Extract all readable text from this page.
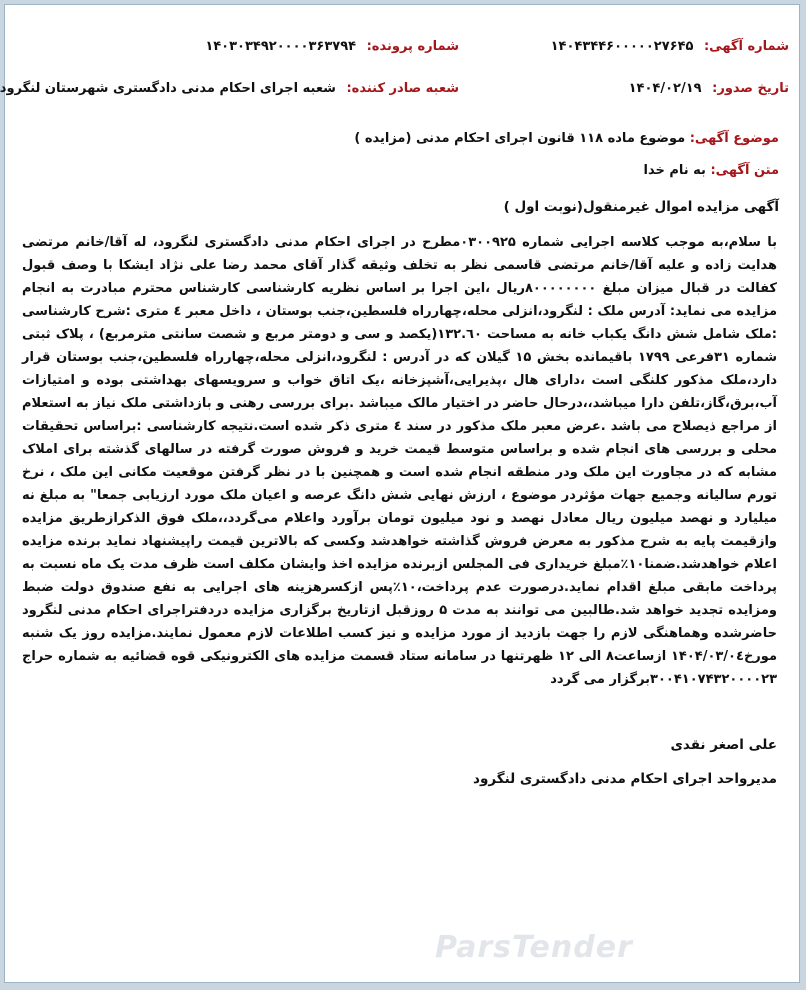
شماره آگهی: ۱۴۰۴۳۴۴۶۰۰۰۰۰۲۷۶۴۵
شماره پرونده: ۱۴۰۳۰۳۴۹۲۰۰۰۰۳۶۳۷۹۴
تاریخ صدور: ۱۴۰۴/۰۲/۱۹
شعبه صادر کننده: شعبه اجرای احکام مدنی دادگستری شهرستان لنگرود
موضوع آگهی: موضوع ماده ۱۱۸ قانون اجرای احکام مدنی (مزایده )
متن آگهی: به نام خدا
آگهی مزایده اموال غیرمنقول(نوبت اول )
با سلام،به موجب کلاسه اجرایی شماره ۰۳۰۰۹۲۵مطرح در اجرای احکام مدنی دادگستری لنگرود، له آقا/خانم مرتضی هدایت زاده و علیه آقا/خانم مرتضی قاسمی نظر به تخلف وثیقه گذار آقای محمد رضا علی نژاد ایشکا با وصف قبول کفالت در قبال میزان مبلغ ۸۰۰۰۰۰۰۰۰ریال ،این اجرا بر اساس نظریه کارشناسی کارشناس محترم مبادرت به انجام مزایده می نماید: آدرس ملک : لنگرود،انزلی محله،چهارراه فلسطین،جنب بوستان ، داخل معبر ٤ متری :شرح کارشناسی :ملک شامل شش دانگ یکباب خانه به مساحت ۱۳۲.٦۰(یکصد و سی و دومتر مربع و شصت سانتی مترمربع) ، پلاک ثبتی شماره ۳۱فرعی ۱۷۹۹ باقیمانده بخش ۱۵ گیلان که در آدرس : لنگرود،انزلی محله،چهارراه فلسطین،جنب بوستان قرار دارد،ملک مذکور کلنگی است ،دارای هال ،پذیرایی،آشپزخانه ،یک اتاق خواب و سرویسهای بهداشتی بوده و امتیازات آب،برق،گاز،تلفن دارا میباشد،،درحال حاضر در اختیار مالک میباشد .برای بررسی رهنی و بازداشتی ملک نیاز به استعلام از مراجع ذیصلاح می باشد .عرض معبر ملک مذکور در سند ٤ متری ذکر شده است.نتیجه کارشناسی :براساس تحقیقات محلی و بررسی های انجام شده و براساس متوسط قیمت خرید و فروش صورت گرفته در سالهای گذشته برای املاک مشابه که در مجاورت این ملک ودر منطقه انجام شده است و همچنین با در نظر گرفتن موقعیت مکانی این ملک ، نرخ تورم سالیانه وجمیع جهات مؤثردر موضوع ، ارزش نهایی شش دانگ عرصه و اعیان ملک مورد ارزیابی جمعا" به مبلغ نه میلیارد و نهصد میلیون ریال معادل نهصد و نود میلیون تومان برآورد واعلام می‌گردد،،ملک فوق الذکرازطریق مزایده وازقیمت پایه به شرح مذکور به معرض فروش گذاشته خواهدشد وکسی که بالاترین قیمت راپیشنهاد نماید برنده مزایده اعلام خواهدشد.ضمنا۱۰٪مبلغ خریداری فی المجلس ازبرنده مزایده اخذ وایشان مکلف است ظرف مدت یک ماه نسبت به پرداخت مابقی مبلغ اقدام نماید.درصورت عدم پرداخت،۱۰٪پس ازکسرهزینه های اجرایی به نفع صندوق دولت ضبط ومزایده تجدید خواهد شد.طالبین می توانند به مدت ۵ روزقبل ازتاریخ برگزاری مزایده دردفتراجرای احکام مدنی لنگرود حاضرشده وهماهنگی لازم را جهت بازدید از مورد مزایده و نیز کسب اطلاعات لازم معمول نمایند.مزایده روز یک شنبه مورخ۱۴۰۴/۰۳/۰٤ ازساعت۸ الی ۱۲ ظهرتنها در سامانه ستاد قسمت مزایده های الکترونیکی قوه قضائیه به شماره حراج ۳۰۰۴۱۰۷۴۳۲۰۰۰۰۲۳برگزار می گردد
علی اصغر نقدی
مدیرواحد اجرای احکام مدنی دادگستری لنگرود
ParsTender
